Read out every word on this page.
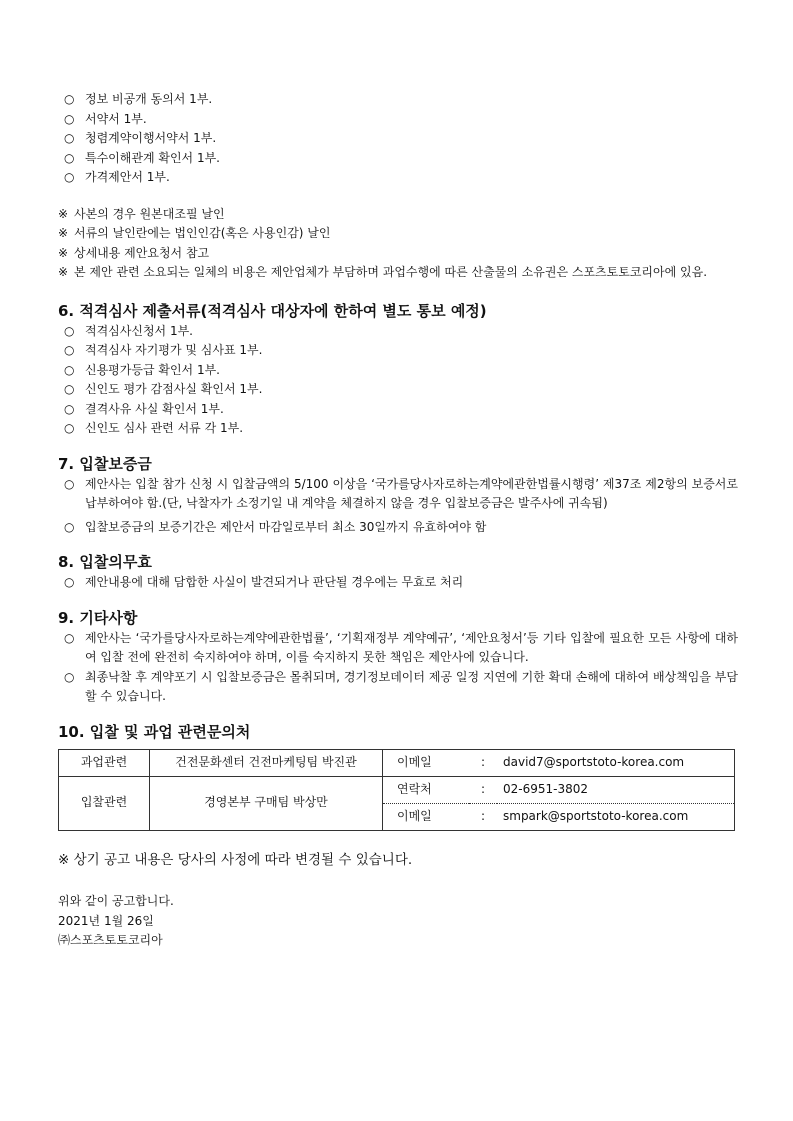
○ 정보 비공개 동의서 1부.
○ 서약서 1부.
○ 청렴계약이행서약서 1부.
○ 특수이해관계 확인서 1부.
○ 가격제안서 1부.
※ 사본의 경우 원본대조필 날인
※ 서류의 날인란에는 법인인감(혹은 사용인감) 날인
※ 상세내용 제안요청서 참고
※ 본 제안 관련 소요되는 일체의 비용은 제안업체가 부담하며 과업수행에 따른 산출물의 소유권은 스포츠토토코리아에 있음.
6. 적격심사 제출서류(적격심사 대상자에 한하여 별도 통보 예정)
○ 적격심사신청서 1부.
○ 적격심사 자기평가 및 심사표 1부.
○ 신용평가등급 확인서 1부.
○ 신인도 평가 감점사실 확인서 1부.
○ 결격사유 사실 확인서 1부.
○ 신인도 심사 관련 서류 각 1부.
7. 입찰보증금
○ 제안사는 입찰 참가 신청 시 입찰금액의 5/100 이상을 ‘국가를당사자로하는계약에관한법률시행령’ 제37조 제2항의 보증서로 납부하여야 함.(단, 낙찰자가 소정기일 내 계약을 체결하지 않을 경우 입찰보증금은 발주사에 귀속됨)
○ 입찰보증금의 보증기간은 제안서 마감일로부터 최소 30일까지 유효하여야 함
8. 입찰의무효
○ 제안내용에 대해 담합한 사실이 발견되거나 판단될 경우에는 무효로 처리
9. 기타사항
○ 제안사는 ‘국가를당사자로하는계약에관한법률’, ‘기획재정부 계약예규’, ‘제안요청서’등 기타 입찰에 필요한 모든 사항에 대하여 입찰 전에 완전히 숙지하여야 하며, 이를 숙지하지 못한 책임은 제안사에 있습니다.
○ 최종낙찰 후 계약포기 시 입찰보증금은 몰취되며, 경기정보데이터 제공 일정 지연에 기한 확대 손해에 대하여 배상책임을 부담할 수 있습니다.
10. 입찰 및 과업 관련문의처
과업관련	건전문화센터 건전마케팅팀 박진관	이메일	:	david7@sportstoto-korea.com
입찰관련	경영본부 구매팀 박상만	연락처	:	02-6951-3802
		이메일	:	smpark@sportstoto-korea.com
※ 상기 공고 내용은 당사의 사정에 따라 변경될 수 있습니다.
위와 같이 공고합니다.
2021년 1월 26일
㈜스포츠토토코리아
